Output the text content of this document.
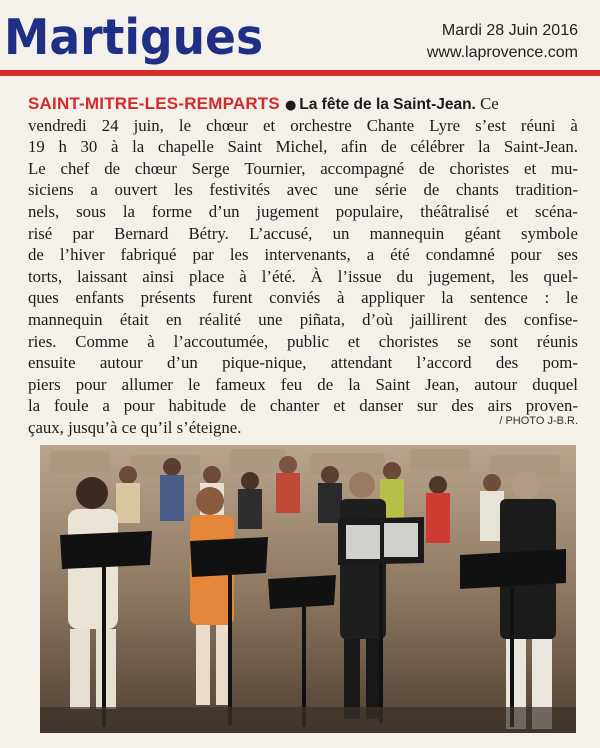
Martigues	Mardi 28 Juin 2016
www.laprovence.com
SAINT-MITRE-LES-REMPARTS ● La fête de la Saint-Jean. Ce
vendredi 24 juin, le chœur et orchestre Chante Lyre s’est réuni à
19 h 30 à la chapelle Saint Michel, afin de célébrer la Saint-Jean.
Le chef de chœur Serge Tournier, accompagné de choristes et mu-
siciens a ouvert les festivités avec une série de chants tradition-
nels, sous la forme d’un jugement populaire, théâtralisé et scéna-
risé par Bernard Bétry. L’accusé, un mannequin géant symbole
de l’hiver fabriqué par les intervenants, a été condamné pour ses
torts, laissant ainsi place à l’été. À l’issue du jugement, les quel-
ques enfants présents furent conviés à appliquer la sentence : le
mannequin était en réalité une piñata, d’où jaillirent des confise-
ries. Comme à l’accoutumée, public et choristes se sont réunis
ensuite autour d’un pique-nique, attendant l’accord des pom-
piers pour allumer le fameux feu de la Saint Jean, autour duquel
la foule a pour habitude de chanter et danser sur des airs proven-
çaux, jusqu’à ce qu’il s’éteigne.	/ PHOTO J-B.R.
